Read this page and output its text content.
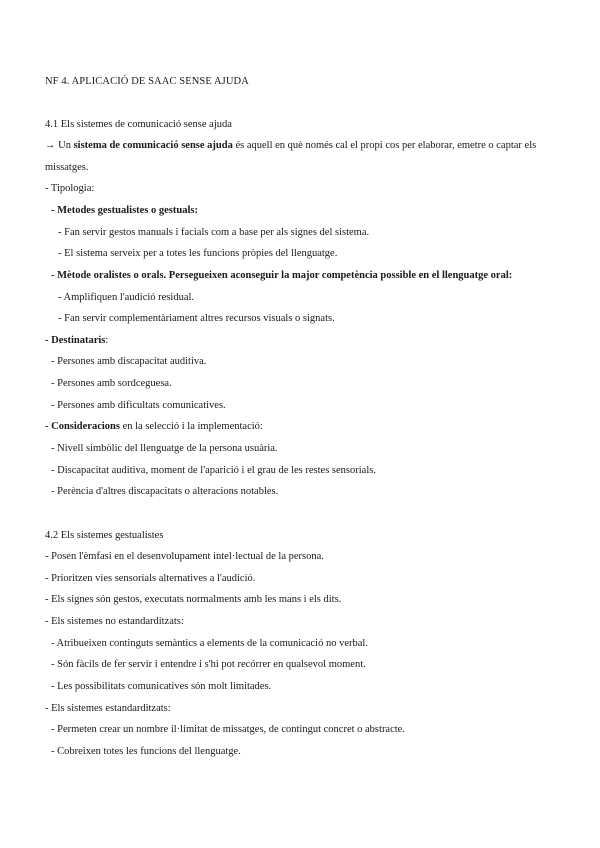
NF 4. APLICACIÓ DE SAAC SENSE AJUDA
4.1 Els sistemes de comunicació sense ajuda
→ Un sistema de comunicació sense ajuda és aquell en què només cal el propi cos per elaborar, emetre o captar els
missatges.
- Tipologia:
- Metodes gestualistes o gestuals:
- Fan servir gestos manuals i facials com a base per als signes del sistema.
- El sistema serveix per a totes les funcions pròpies del llenguatge.
- Mètode oralistes o orals. Persegueixen aconseguir la major competència possible en el llenguatge oral:
- Amplifiquen l'audició residual.
- Fan servir complementàriament altres recursos visuals o signats.
- Destinataris:
- Persones amb discapacitat auditiva.
- Persones amb sordceguesa.
- Persones amb dificultats comunicatives.
- Consideracions en la selecció i la implementació:
- Nivell simbòlic del llenguatge de la persona usuària.
- Discapacitat auditiva, moment de l'aparició i el grau de les restes sensorials.
- Perència d'altres discapacitats o alteracions notables.
4.2 Els sistemes gestualistes
- Posen l'èmfasi en el desenvolupament intel·lectual de la persona.
- Prioritzen vies sensorials alternatives a l'audició.
- Els signes són gestos, executats normalments amb les mans i els dits.
- Els sistemes no estandarditzats:
- Atribueixen continguts semàntics a elements de la comunicació no verbal.
- Són fàcils de fer servir i entendre i s'hi pot recórrer en qualsevol moment.
- Les possibilitats comunicatives són molt limitades.
- Els sistemes estandarditzats:
- Permeten crear un nombre il·limitat de missatges, de contingut concret o abstracte.
- Cobreixen totes les funcions del llenguatge.
